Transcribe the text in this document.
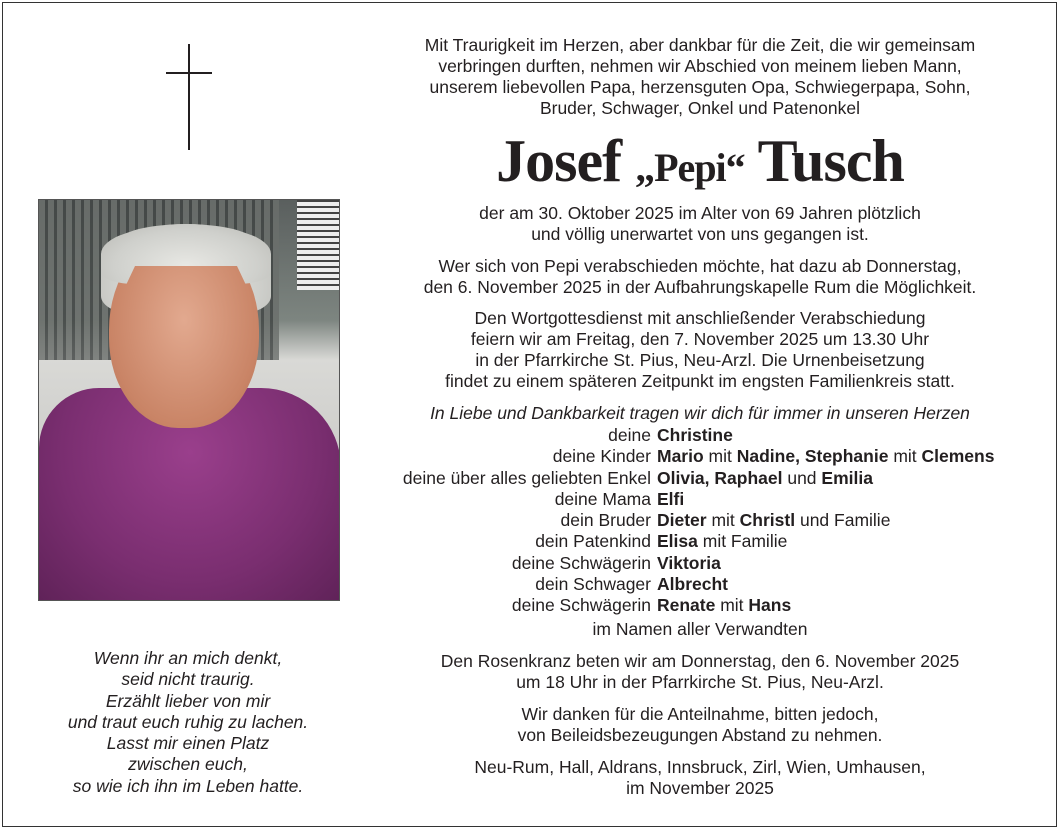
Mit Traurigkeit im Herzen, aber dankbar für die Zeit, die wir gemeinsam
verbringen durften, nehmen wir Abschied von meinem lieben Mann,
unserem liebevollen Papa, herzensguten Opa, Schwiegerpapa, Sohn,
Bruder, Schwager, Onkel und Patenonkel
Josef „Pepi“ Tusch
der am 30. Oktober 2025 im Alter von 69 Jahren plötzlich
und völlig unerwartet von uns gegangen ist.
Wer sich von Pepi verabschieden möchte, hat dazu ab Donnerstag,
den 6. November 2025 in der Aufbahrungskapelle Rum die Möglichkeit.
Den Wortgottesdienst mit anschließender Verabschiedung
feiern wir am Freitag, den 7. November 2025 um 13.30 Uhr
in der Pfarrkirche St. Pius, Neu-Arzl. Die Urnenbeisetzung
findet zu einem späteren Zeitpunkt im engsten Familienkreis statt.
In Liebe und Dankbarkeit tragen wir dich für immer in unseren Herzen
deine Christine
deine Kinder Mario mit Nadine, Stephanie mit Clemens
deine über alles geliebten Enkel Olivia, Raphael und Emilia
deine Mama Elfi
dein Bruder Dieter mit Christl und Familie
dein Patenkind Elisa mit Familie
deine Schwägerin Viktoria
dein Schwager Albrecht
deine Schwägerin Renate mit Hans
im Namen aller Verwandten
Den Rosenkranz beten wir am Donnerstag, den 6. November 2025
um 18 Uhr in der Pfarrkirche St. Pius, Neu-Arzl.
Wir danken für die Anteilnahme, bitten jedoch,
von Beileidsbezeugungen Abstand zu nehmen.
Neu-Rum, Hall, Aldrans, Innsbruck, Zirl, Wien, Umhausen,
im November 2025
Wenn ihr an mich denkt,
seid nicht traurig.
Erzählt lieber von mir
und traut euch ruhig zu lachen.
Lasst mir einen Platz
zwischen euch,
so wie ich ihn im Leben hatte.
